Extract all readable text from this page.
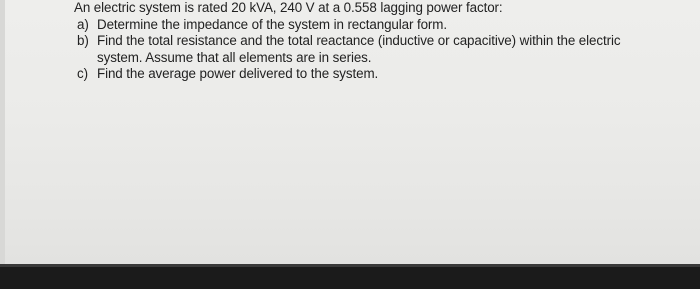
An electric system is rated 20 kVA, 240 V at a 0.558 lagging power factor:
a) Determine the impedance of the system in rectangular form.
b) Find the total resistance and the total reactance (inductive or capacitive) within the electric
system. Assume that all elements are in series.
c) Find the average power delivered to the system.
